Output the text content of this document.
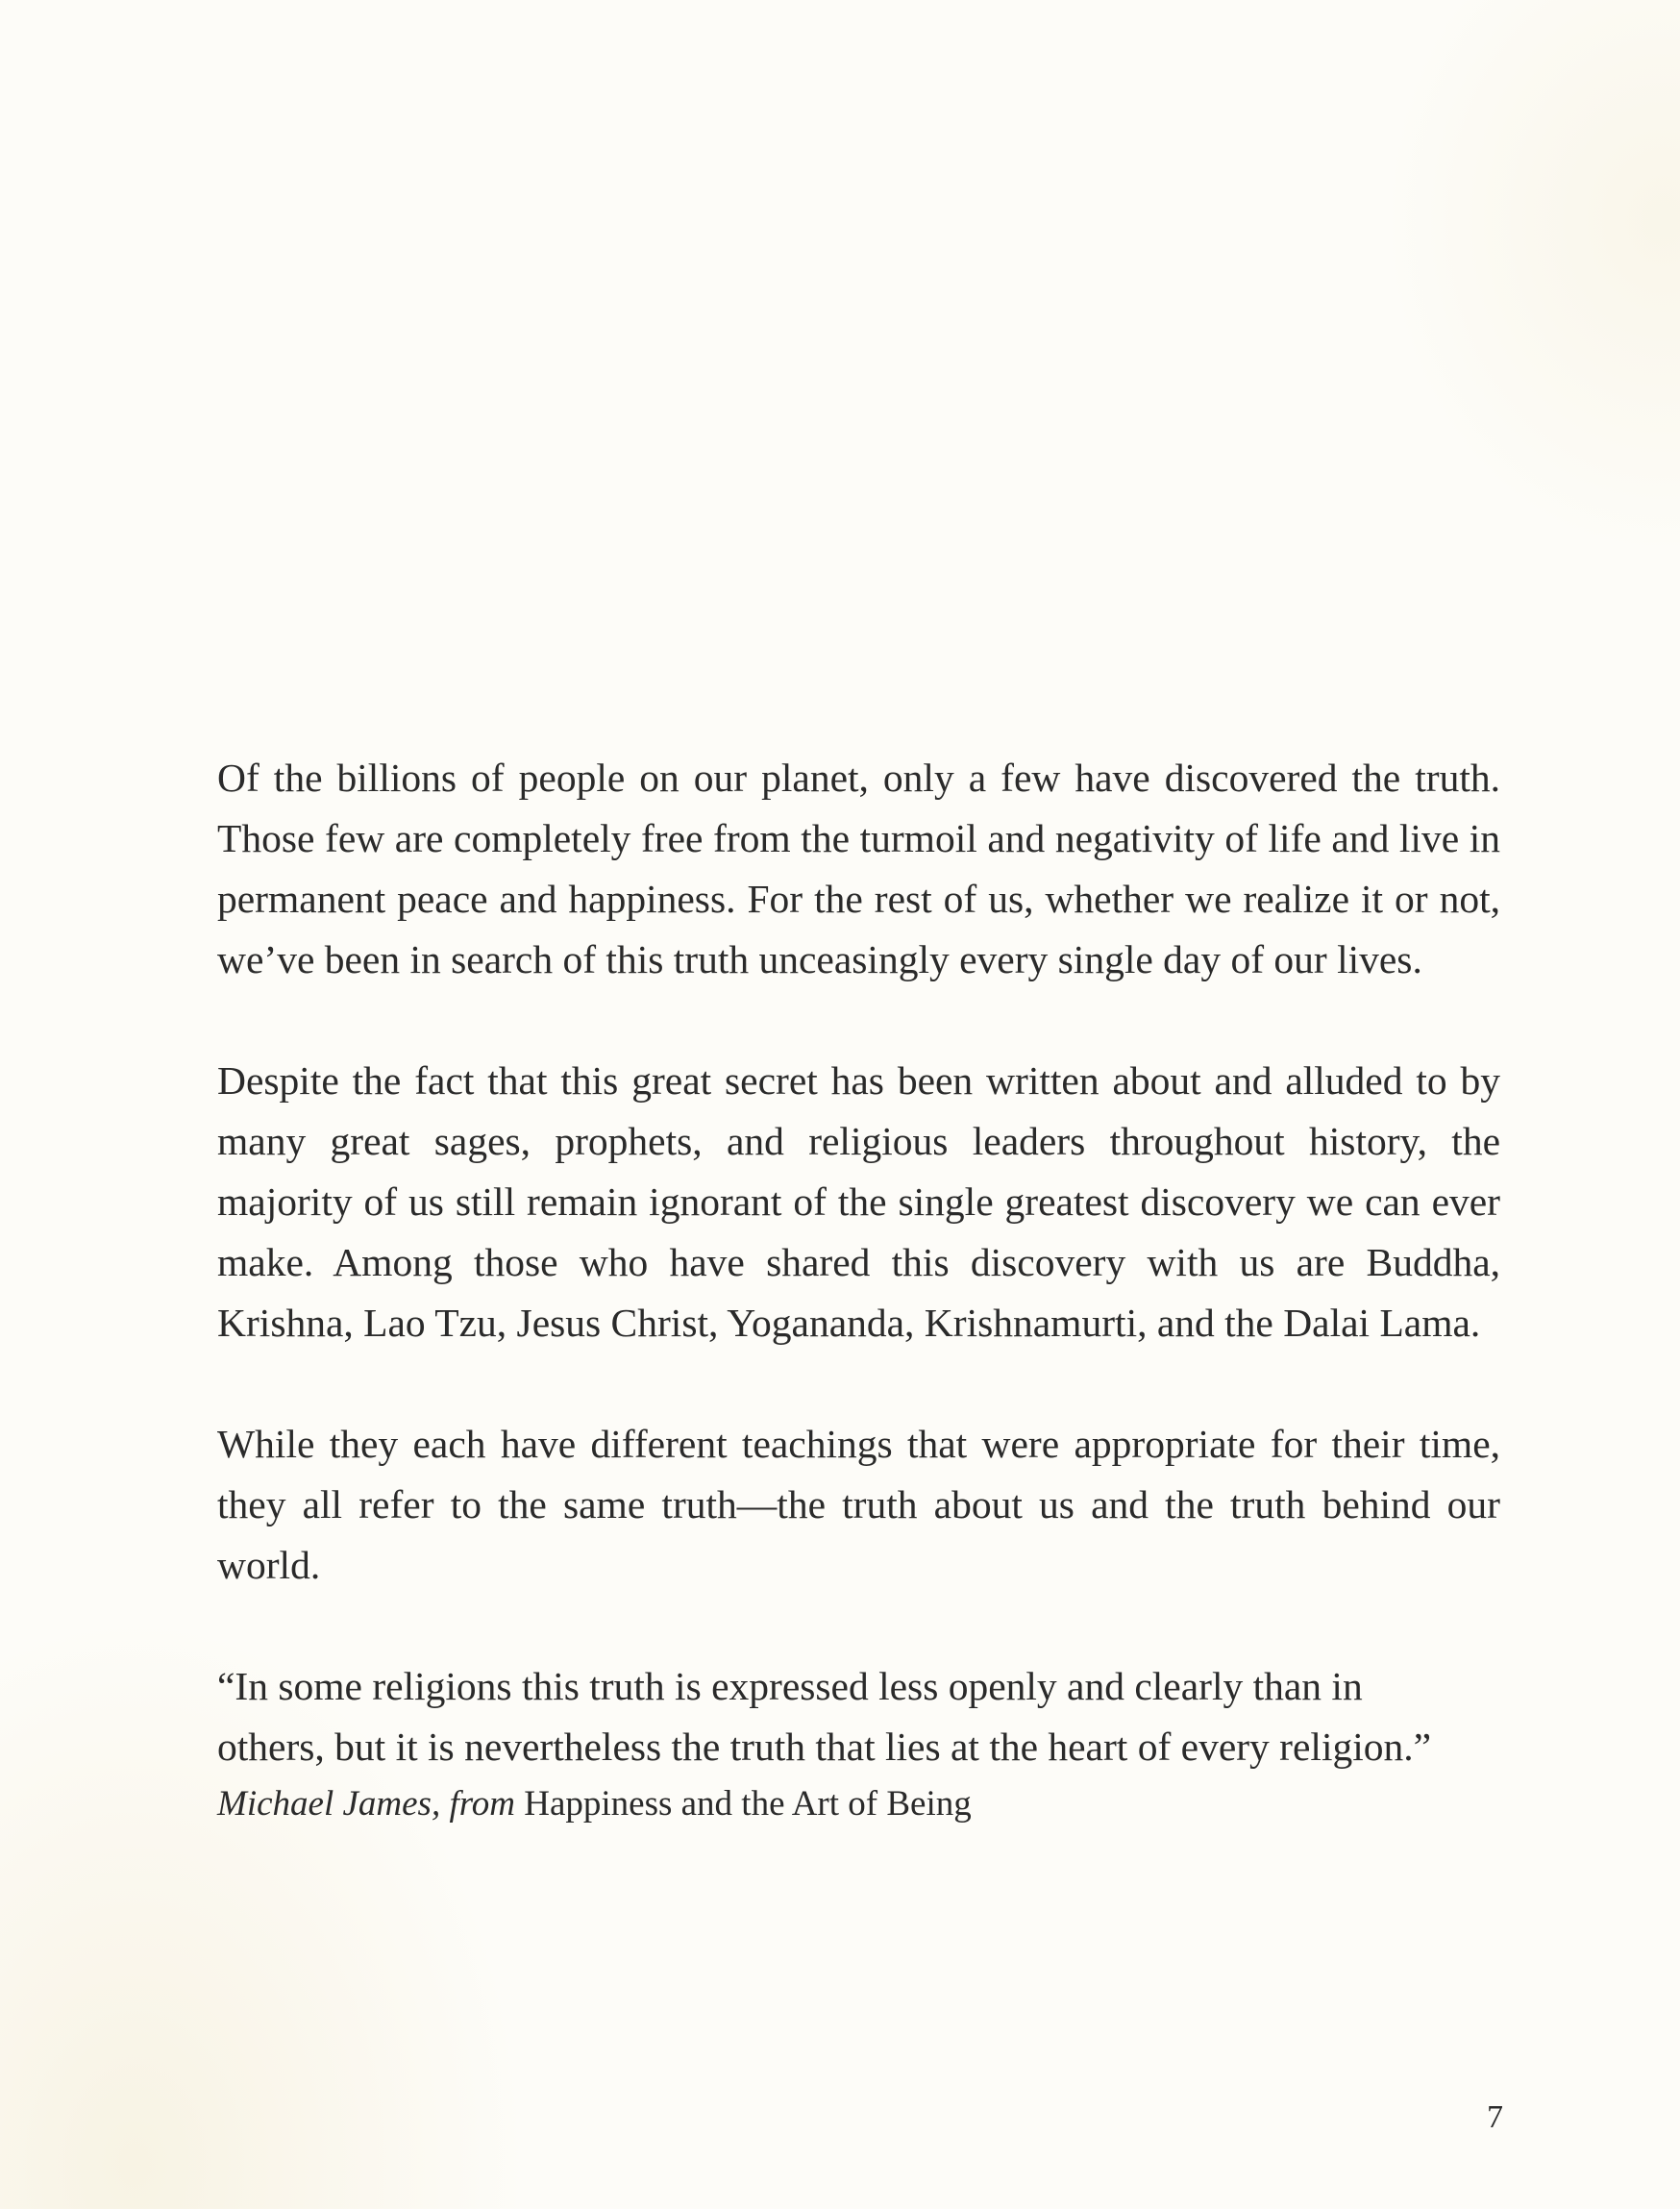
Of the billions of people on our planet, only a few have discovered the truth. Those few are completely free from the turmoil and negativity of life and live in permanent peace and happiness. For the rest of us, whether we realize it or not, we’ve been in search of this truth unceasingly every single day of our lives.

Despite the fact that this great secret has been written about and alluded to by many great sages, prophets, and religious leaders throughout history, the majority of us still remain ignorant of the single greatest discovery we can ever make. Among those who have shared this discovery with us are Buddha, Krishna, Lao Tzu, Jesus Christ, Yogananda, Krishnamurti, and the Dalai Lama.

While they each have different teachings that were appropriate for their time, they all refer to the same truth—the truth about us and the truth behind our world.

“In some religions this truth is expressed less openly and clearly than in others, but it is nevertheless the truth that lies at the heart of every religion.”

Michael James, from Happiness and the Art of Being

7
